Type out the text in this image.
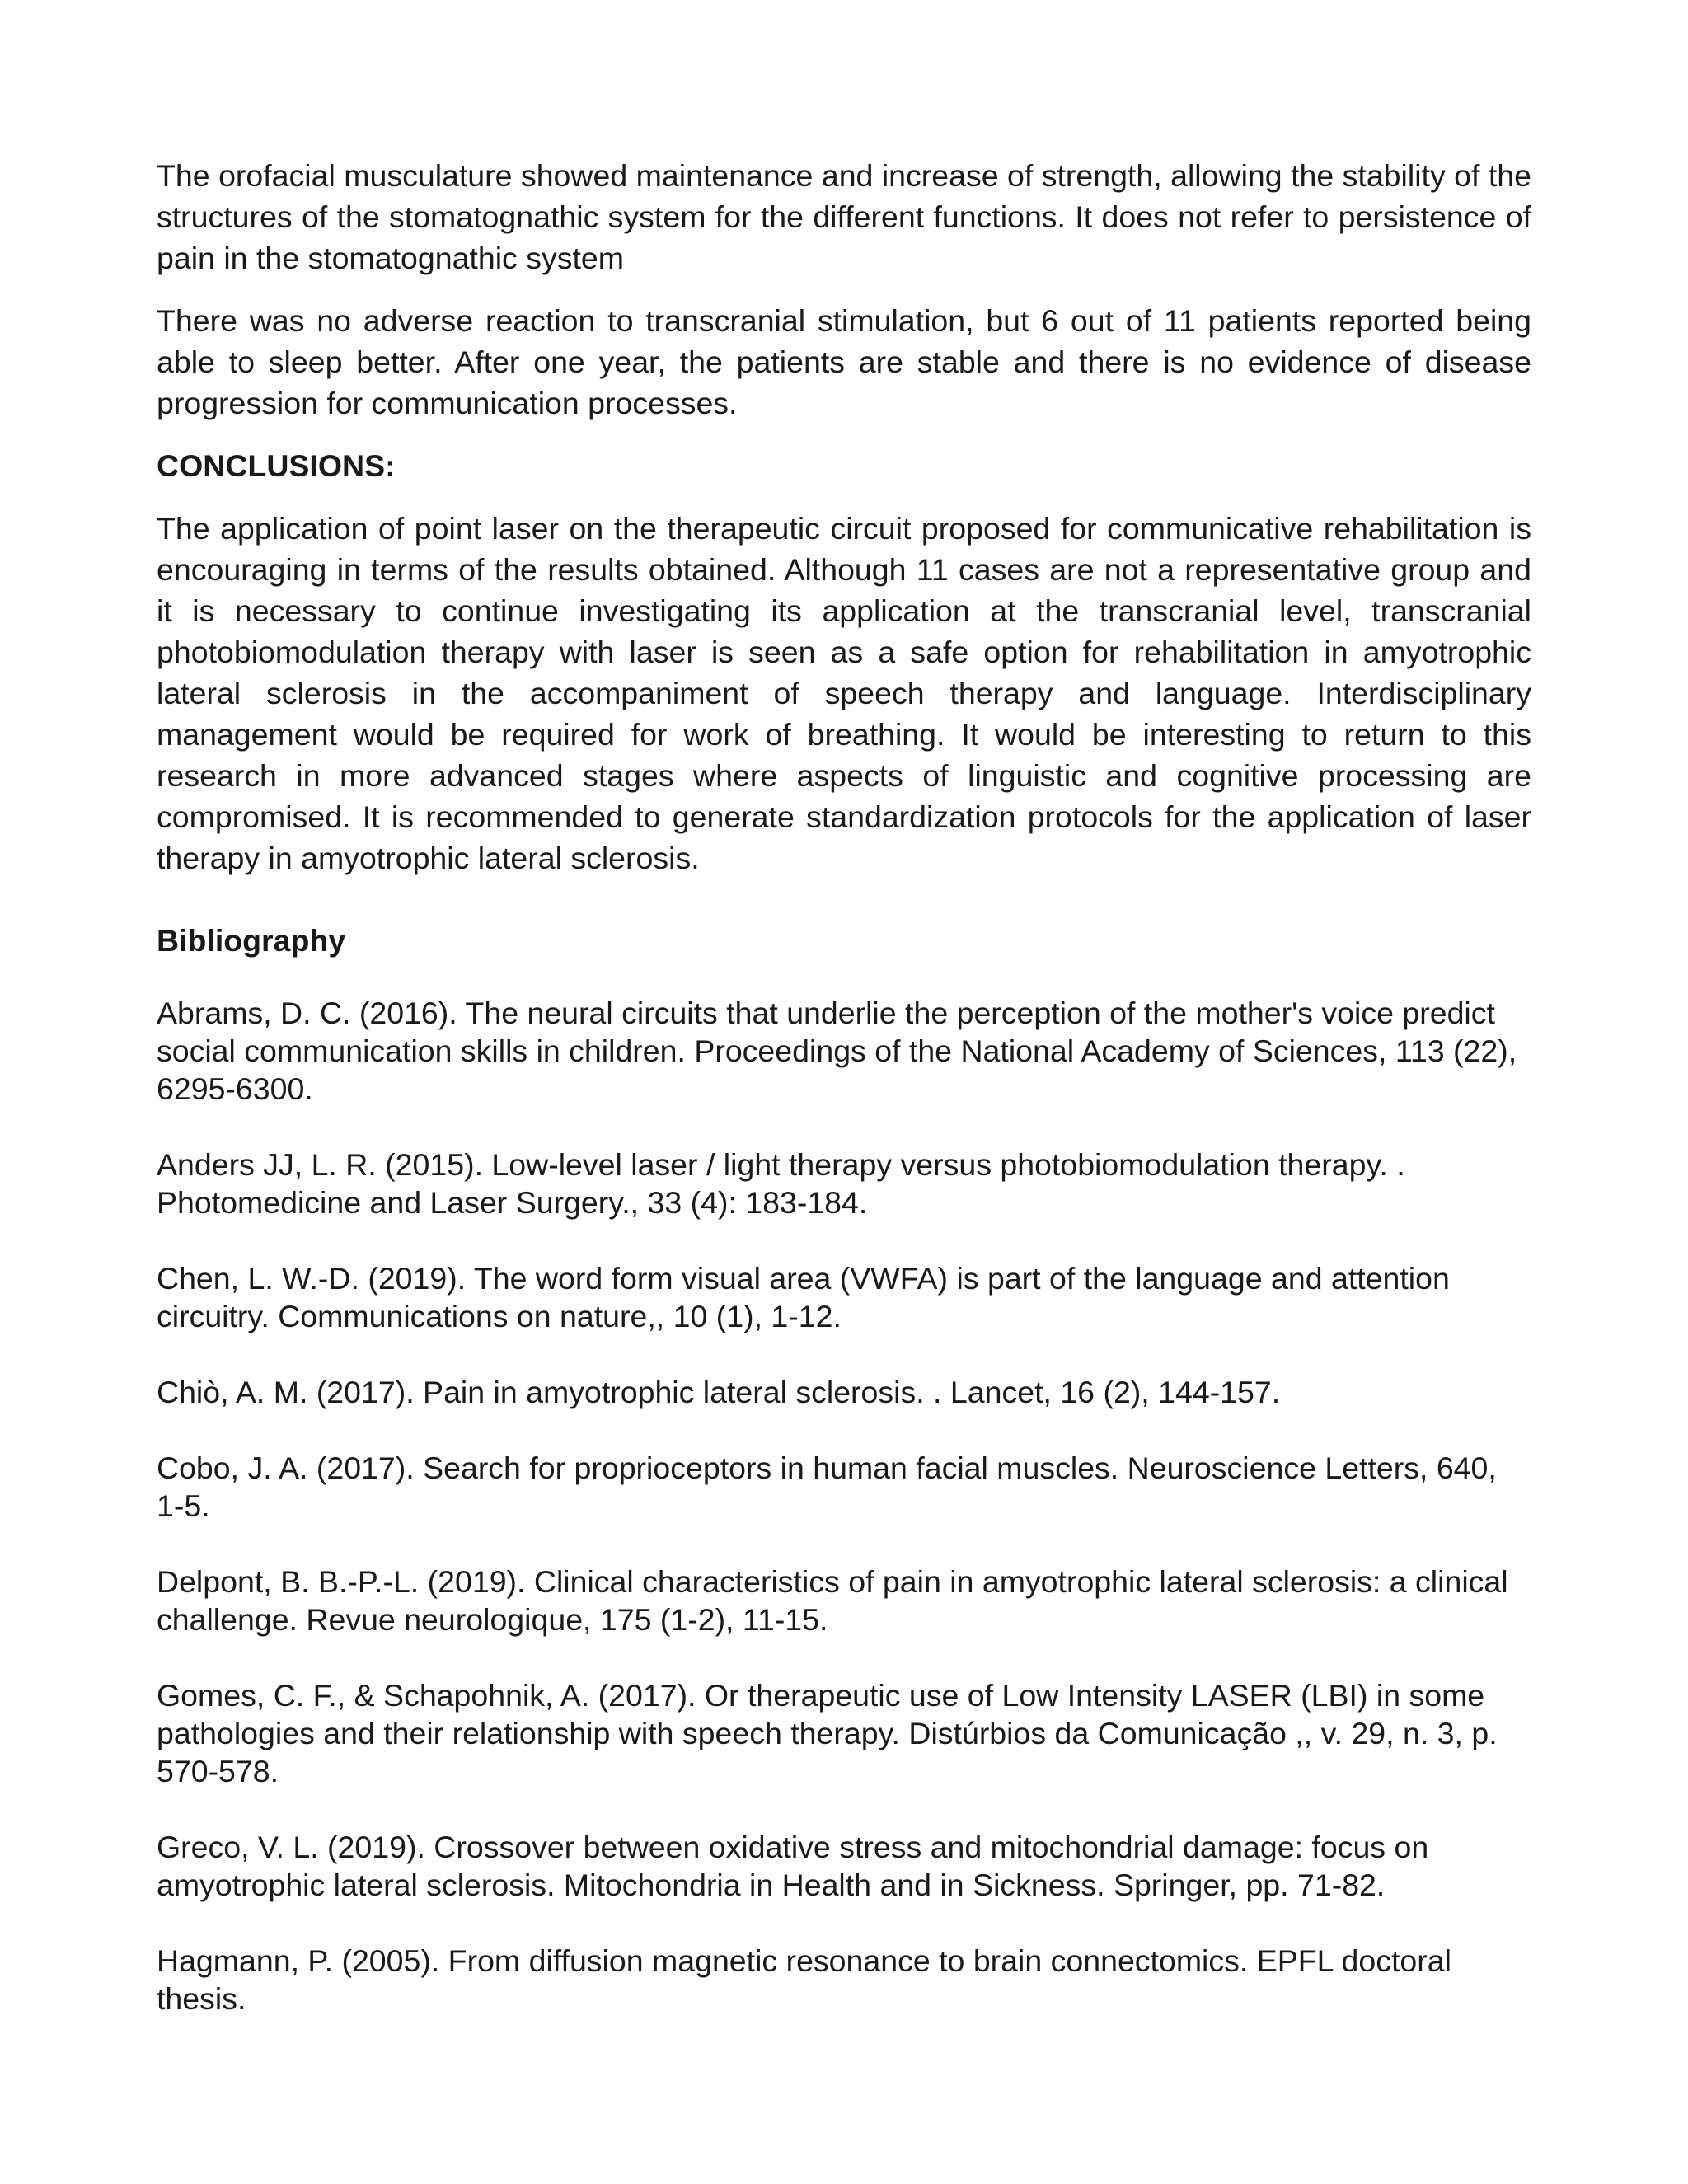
The orofacial musculature showed maintenance and increase of strength, allowing the stability of the structures of the stomatognathic system for the different functions. It does not refer to persistence of pain in the stomatognathic system

There was no adverse reaction to transcranial stimulation, but 6 out of 11 patients reported being able to sleep better. After one year, the patients are stable and there is no evidence of disease progression for communication processes.

CONCLUSIONS:

The application of point laser on the therapeutic circuit proposed for communicative rehabilitation is encouraging in terms of the results obtained. Although 11 cases are not a representative group and it is necessary to continue investigating its application at the transcranial level, transcranial photobiomodulation therapy with laser is seen as a safe option for rehabilitation in amyotrophic lateral sclerosis in the accompaniment of speech therapy and language. Interdisciplinary management would be required for work of breathing. It would be interesting to return to this research in more advanced stages where aspects of linguistic and cognitive processing are compromised. It is recommended to generate standardization protocols for the application of laser therapy in amyotrophic lateral sclerosis.

Bibliography
Abrams, D. C. (2016). The neural circuits that underlie the perception of the mother's voice predict social communication skills in children. Proceedings of the National Academy of Sciences, 113 (22), 6295-6300.
Anders JJ, L. R. (2015). Low-level laser / light therapy versus photobiomodulation therapy. . Photomedicine and Laser Surgery., 33 (4): 183-184.
Chen, L. W.-D. (2019). The word form visual area (VWFA) is part of the language and attention circuitry. Communications on nature,, 10 (1), 1-12.
Chiò, A. M. (2017). Pain in amyotrophic lateral sclerosis. . Lancet, 16 (2), 144-157.
Cobo, J. A. (2017). Search for proprioceptors in human facial muscles. Neuroscience Letters, 640, 1-5.
Delpont, B. B.-P.-L. (2019). Clinical characteristics of pain in amyotrophic lateral sclerosis: a clinical challenge. Revue neurologique, 175 (1-2), 11-15.
Gomes, C. F., & Schapohnik, A. (2017). Or therapeutic use of Low Intensity LASER (LBI) in some pathologies and their relationship with speech therapy. Distúrbios da Comunicação ,, v. 29, n. 3, p. 570-578.
Greco, V. L. (2019). Crossover between oxidative stress and mitochondrial damage: focus on amyotrophic lateral sclerosis. Mitochondria in Health and in Sickness. Springer, pp. 71-82.
Hagmann, P. (2005). From diffusion magnetic resonance to brain connectomics. EPFL doctoral thesis.
